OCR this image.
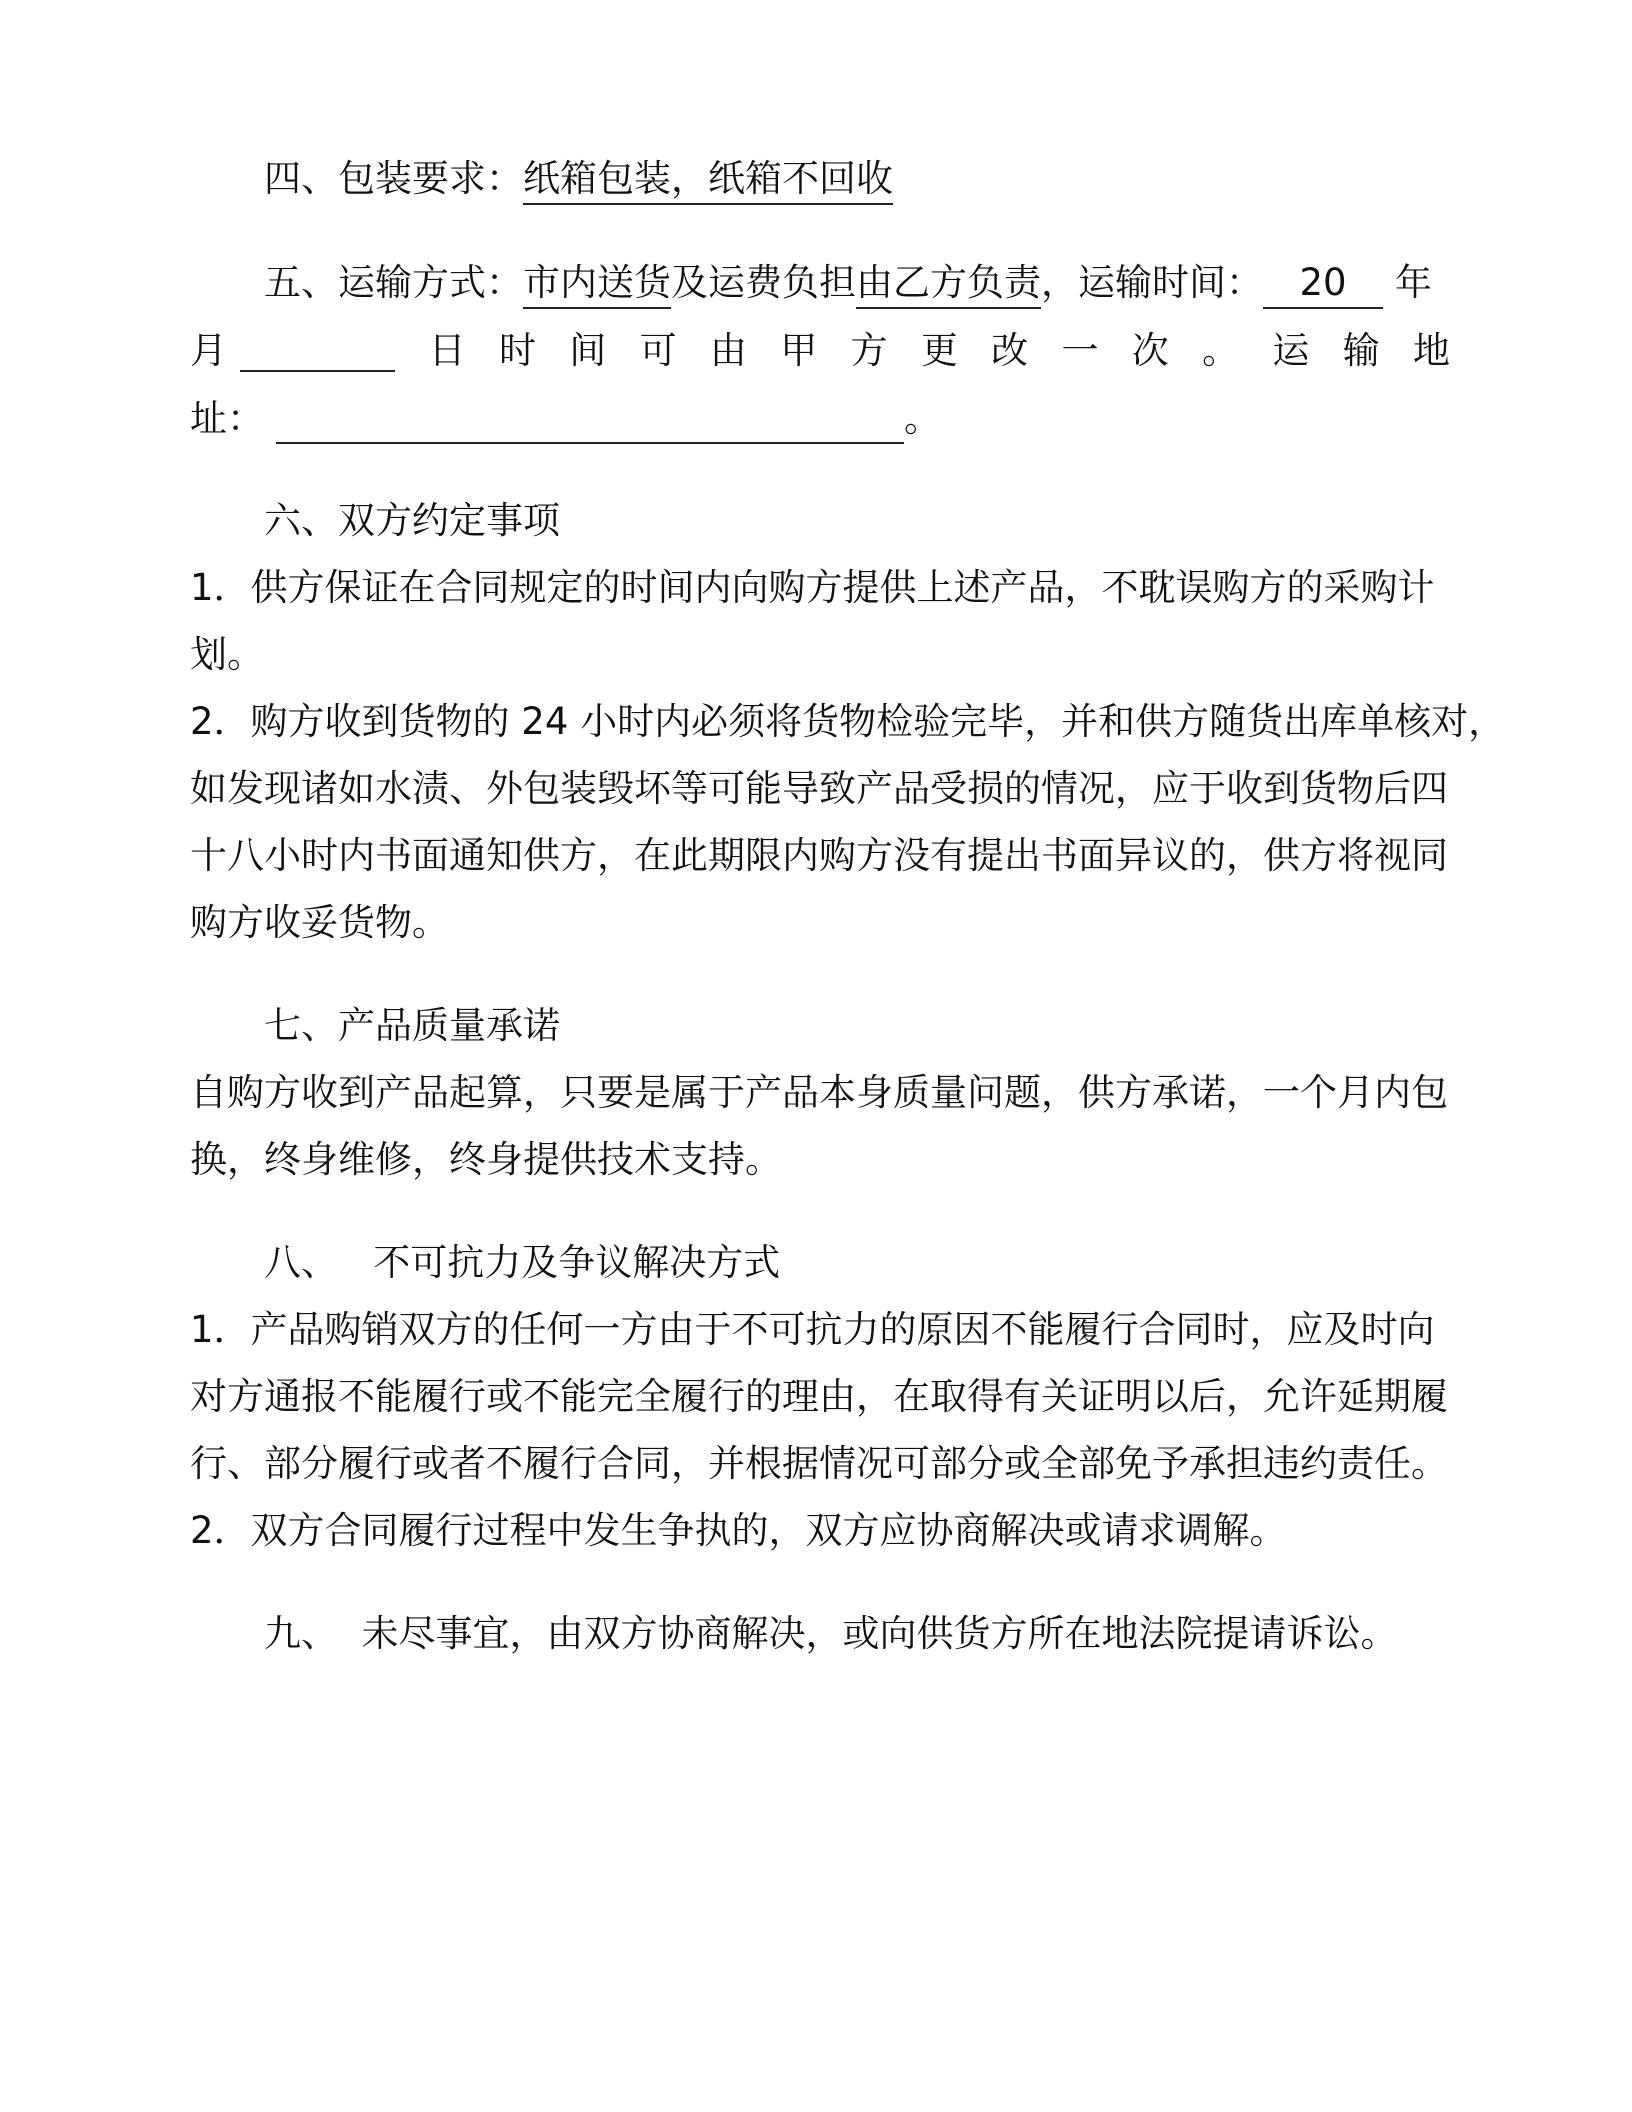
四、包装要求：纸箱包装，纸箱不回收
五、运输方式：市内送货及运费负担由乙方负责，运输时间： 20 年
月	日 时 间 可 由 甲 方 更 改 一 次 。 运 输 地
址：	。
六、双方约定事项
1．供方保证在合同规定的时间内向购方提供上述产品，不耽误购方的采购计
划。
2．购方收到货物的 24 小时内必须将货物检验完毕，并和供方随货出库单核对，
如发现诸如水渍、外包装毁坏等可能导致产品受损的情况，应于收到货物后四
十八小时内书面通知供方，在此期限内购方没有提出书面异议的，供方将视同
购方收妥货物。
七、产品质量承诺
自购方收到产品起算，只要是属于产品本身质量问题，供方承诺，一个月内包
换，终身维修，终身提供技术支持。
八、   不可抗力及争议解决方式
1．产品购销双方的任何一方由于不可抗力的原因不能履行合同时，应及时向
对方通报不能履行或不能完全履行的理由，在取得有关证明以后，允许延期履
行、部分履行或者不履行合同，并根据情况可部分或全部免予承担违约责任。
2．双方合同履行过程中发生争执的，双方应协商解决或请求调解。
九、  未尽事宜，由双方协商解决，或向供货方所在地法院提请诉讼。
